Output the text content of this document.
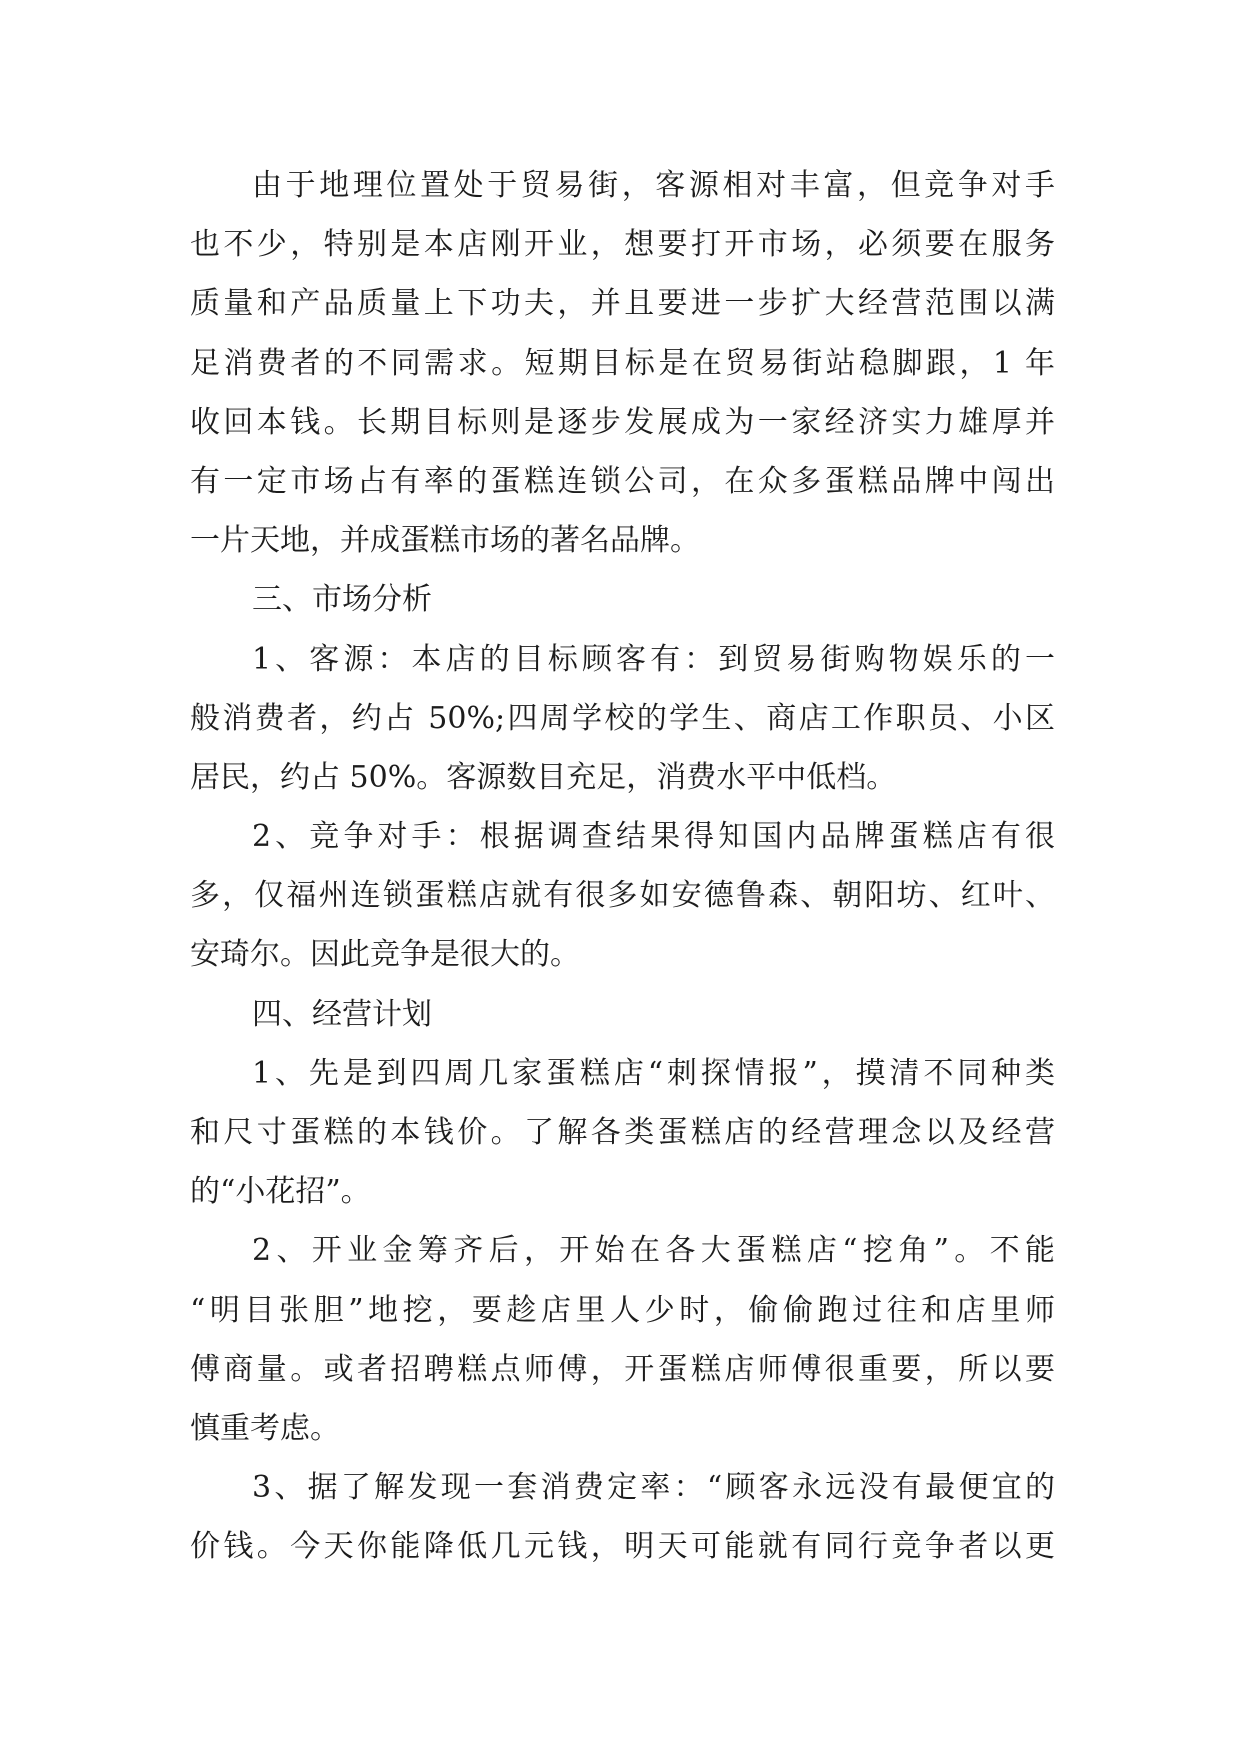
由于地理位置处于贸易街，客源相对丰富，但竞争对手
也不少，特别是本店刚开业，想要打开市场，必须要在服务
质量和产品质量上下功夫，并且要进一步扩大经营范围以满
足消费者的不同需求。短期目标是在贸易街站稳脚跟，1 年
收回本钱。长期目标则是逐步发展成为一家经济实力雄厚并
有一定市场占有率的蛋糕连锁公司，在众多蛋糕品牌中闯出
一片天地，并成蛋糕市场的著名品牌。
三、市场分析
1、客源：本店的目标顾客有：到贸易街购物娱乐的一
般消费者，约占 50%;四周学校的学生、商店工作职员、小区
居民，约占 50%。客源数目充足，消费水平中低档。
2、竞争对手：根据调查结果得知国内品牌蛋糕店有很
多，仅福州连锁蛋糕店就有很多如安德鲁森、朝阳坊、红叶、
安琦尔。因此竞争是很大的。
四、经营计划
1、先是到四周几家蛋糕店“刺探情报”，摸清不同种类
和尺寸蛋糕的本钱价。了解各类蛋糕店的经营理念以及经营
的“小花招”。
2、开业金筹齐后，开始在各大蛋糕店“挖角”。不能
“明目张胆”地挖，要趁店里人少时，偷偷跑过往和店里师
傅商量。或者招聘糕点师傅，开蛋糕店师傅很重要，所以要
慎重考虑。
3、据了解发现一套消费定率：“顾客永远没有最便宜的
价钱。今天你能降低几元钱，明天可能就有同行竞争者以更
